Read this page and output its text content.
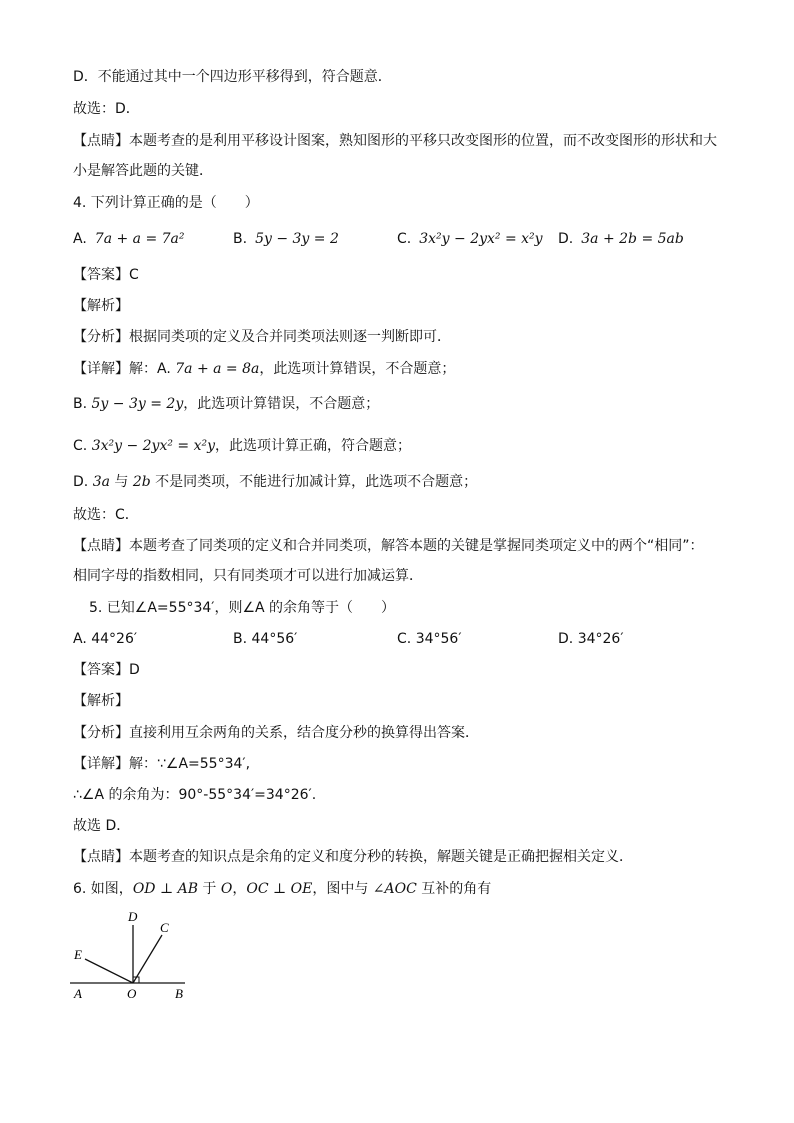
D．不能通过其中一个四边形平移得到，符合题意．
故选：D．
【点睛】本题考查的是利用平移设计图案，熟知图形的平移只改变图形的位置，而不改变图形的形状和大
小是解答此题的关键．
4. 下列计算正确的是（　　）
A. 7a + a = 7a²	B. 5y − 3y = 2	C. 3x²y − 2yx² = x²y D. 3a + 2b = 5ab
【答案】C
【解析】
【分析】根据同类项的定义及合并同类项法则逐一判断即可．
【详解】解：A. 7a + a = 8a，此选项计算错误，不合题意；
B. 5y − 3y = 2y，此选项计算错误，不合题意；
C. 3x²y − 2yx² = x²y，此选项计算正确，符合题意；
D. 3a 与 2b 不是同类项，不能进行加减计算，此选项不合题意；
故选：C．
【点睛】本题考查了同类项的定义和合并同类项，解答本题的关键是掌握同类项定义中的两个“相同”：
相同字母的指数相同，只有同类项才可以进行加减运算．
5. 已知∠A=55°34′，则∠A 的余角等于（　　）
A. 44°26′	B. 44°56′	C. 34°56′	D. 34°26′
【答案】D
【解析】
【分析】直接利用互余两角的关系，结合度分秒的换算得出答案．
【详解】解：∵∠A=55°34′,
∴∠A 的余角为：90°-55°34′=34°26′.
故选 D．
【点睛】本题考查的知识点是余角的定义和度分秒的转换，解题关键是正确把握相关定义．
6. 如图，OD ⊥ AB 于 O，OC ⊥ OE，图中与 ∠AOC 互补的角有
D
C
E
A	O	B
